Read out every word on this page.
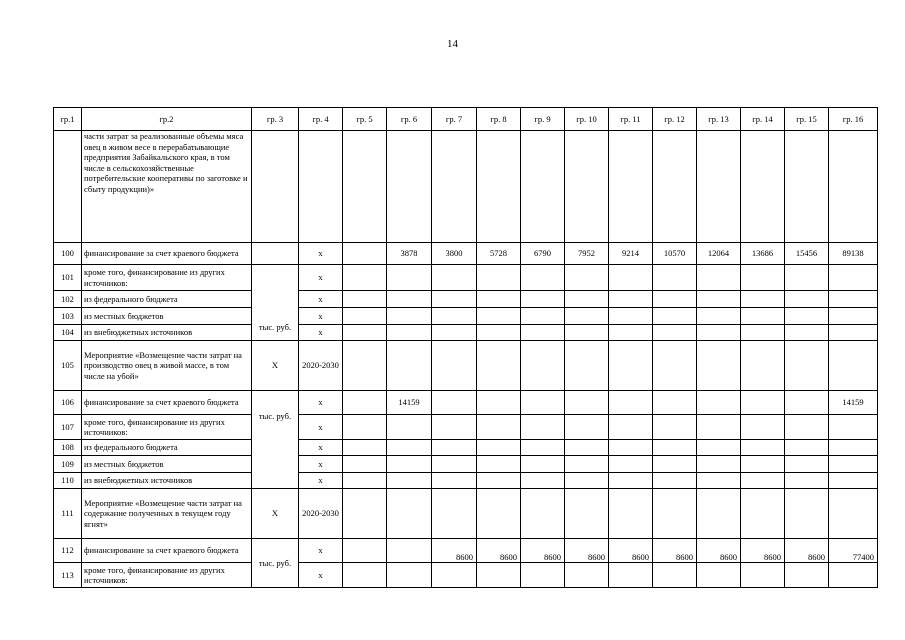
14
гр.1	гр.2	гр. 3	гр. 4	гр. 5	гр. 6	гр. 7	гр. 8	гр. 9	гр. 10	гр. 11	гр. 12	гр. 13	гр. 14	гр. 15	гр. 16
	части затрат за реализованные объемы мяса овец в живом весе в перерабатывающие предприятия Забайкальского края, в том числе в сельскохозяйственные потребительские кооперативы по заготовке и сбыту продукции)»														
100	финансирование за счет краевого бюджета		х		3878	3800	5728	6790	7952	9214	10570	12064	13686	15456	89138
101	кроме того, финансирование из других источников:	тыс. руб.	х												
102	из федерального бюджета		х												
103	из местных бюджетов		х												
104	из внебюджетных источников		х												
105	Мероприятие «Возмещение части затрат на производство овец в живой массе, в том числе на убой»	Х	2020-2030												
106	финансирование за счет краевого бюджета	тыс. руб.	х		14159										14159
107	кроме того, финансирование из других источников:		х												
108	из федерального бюджета		х												
109	из местных бюджетов		х												
110	из внебюджетных источников		х												
111	Мероприятие «Возмещение части затрат на содержание полученных в текущем году ягнят»	Х	2020-2030												
112	финансирование за счет краевого бюджета	тыс. руб.	х			8600	8600	8600	8600	8600	8600	8600	8600	8600	77400
113	кроме того, финансирование из других источников:		х												
